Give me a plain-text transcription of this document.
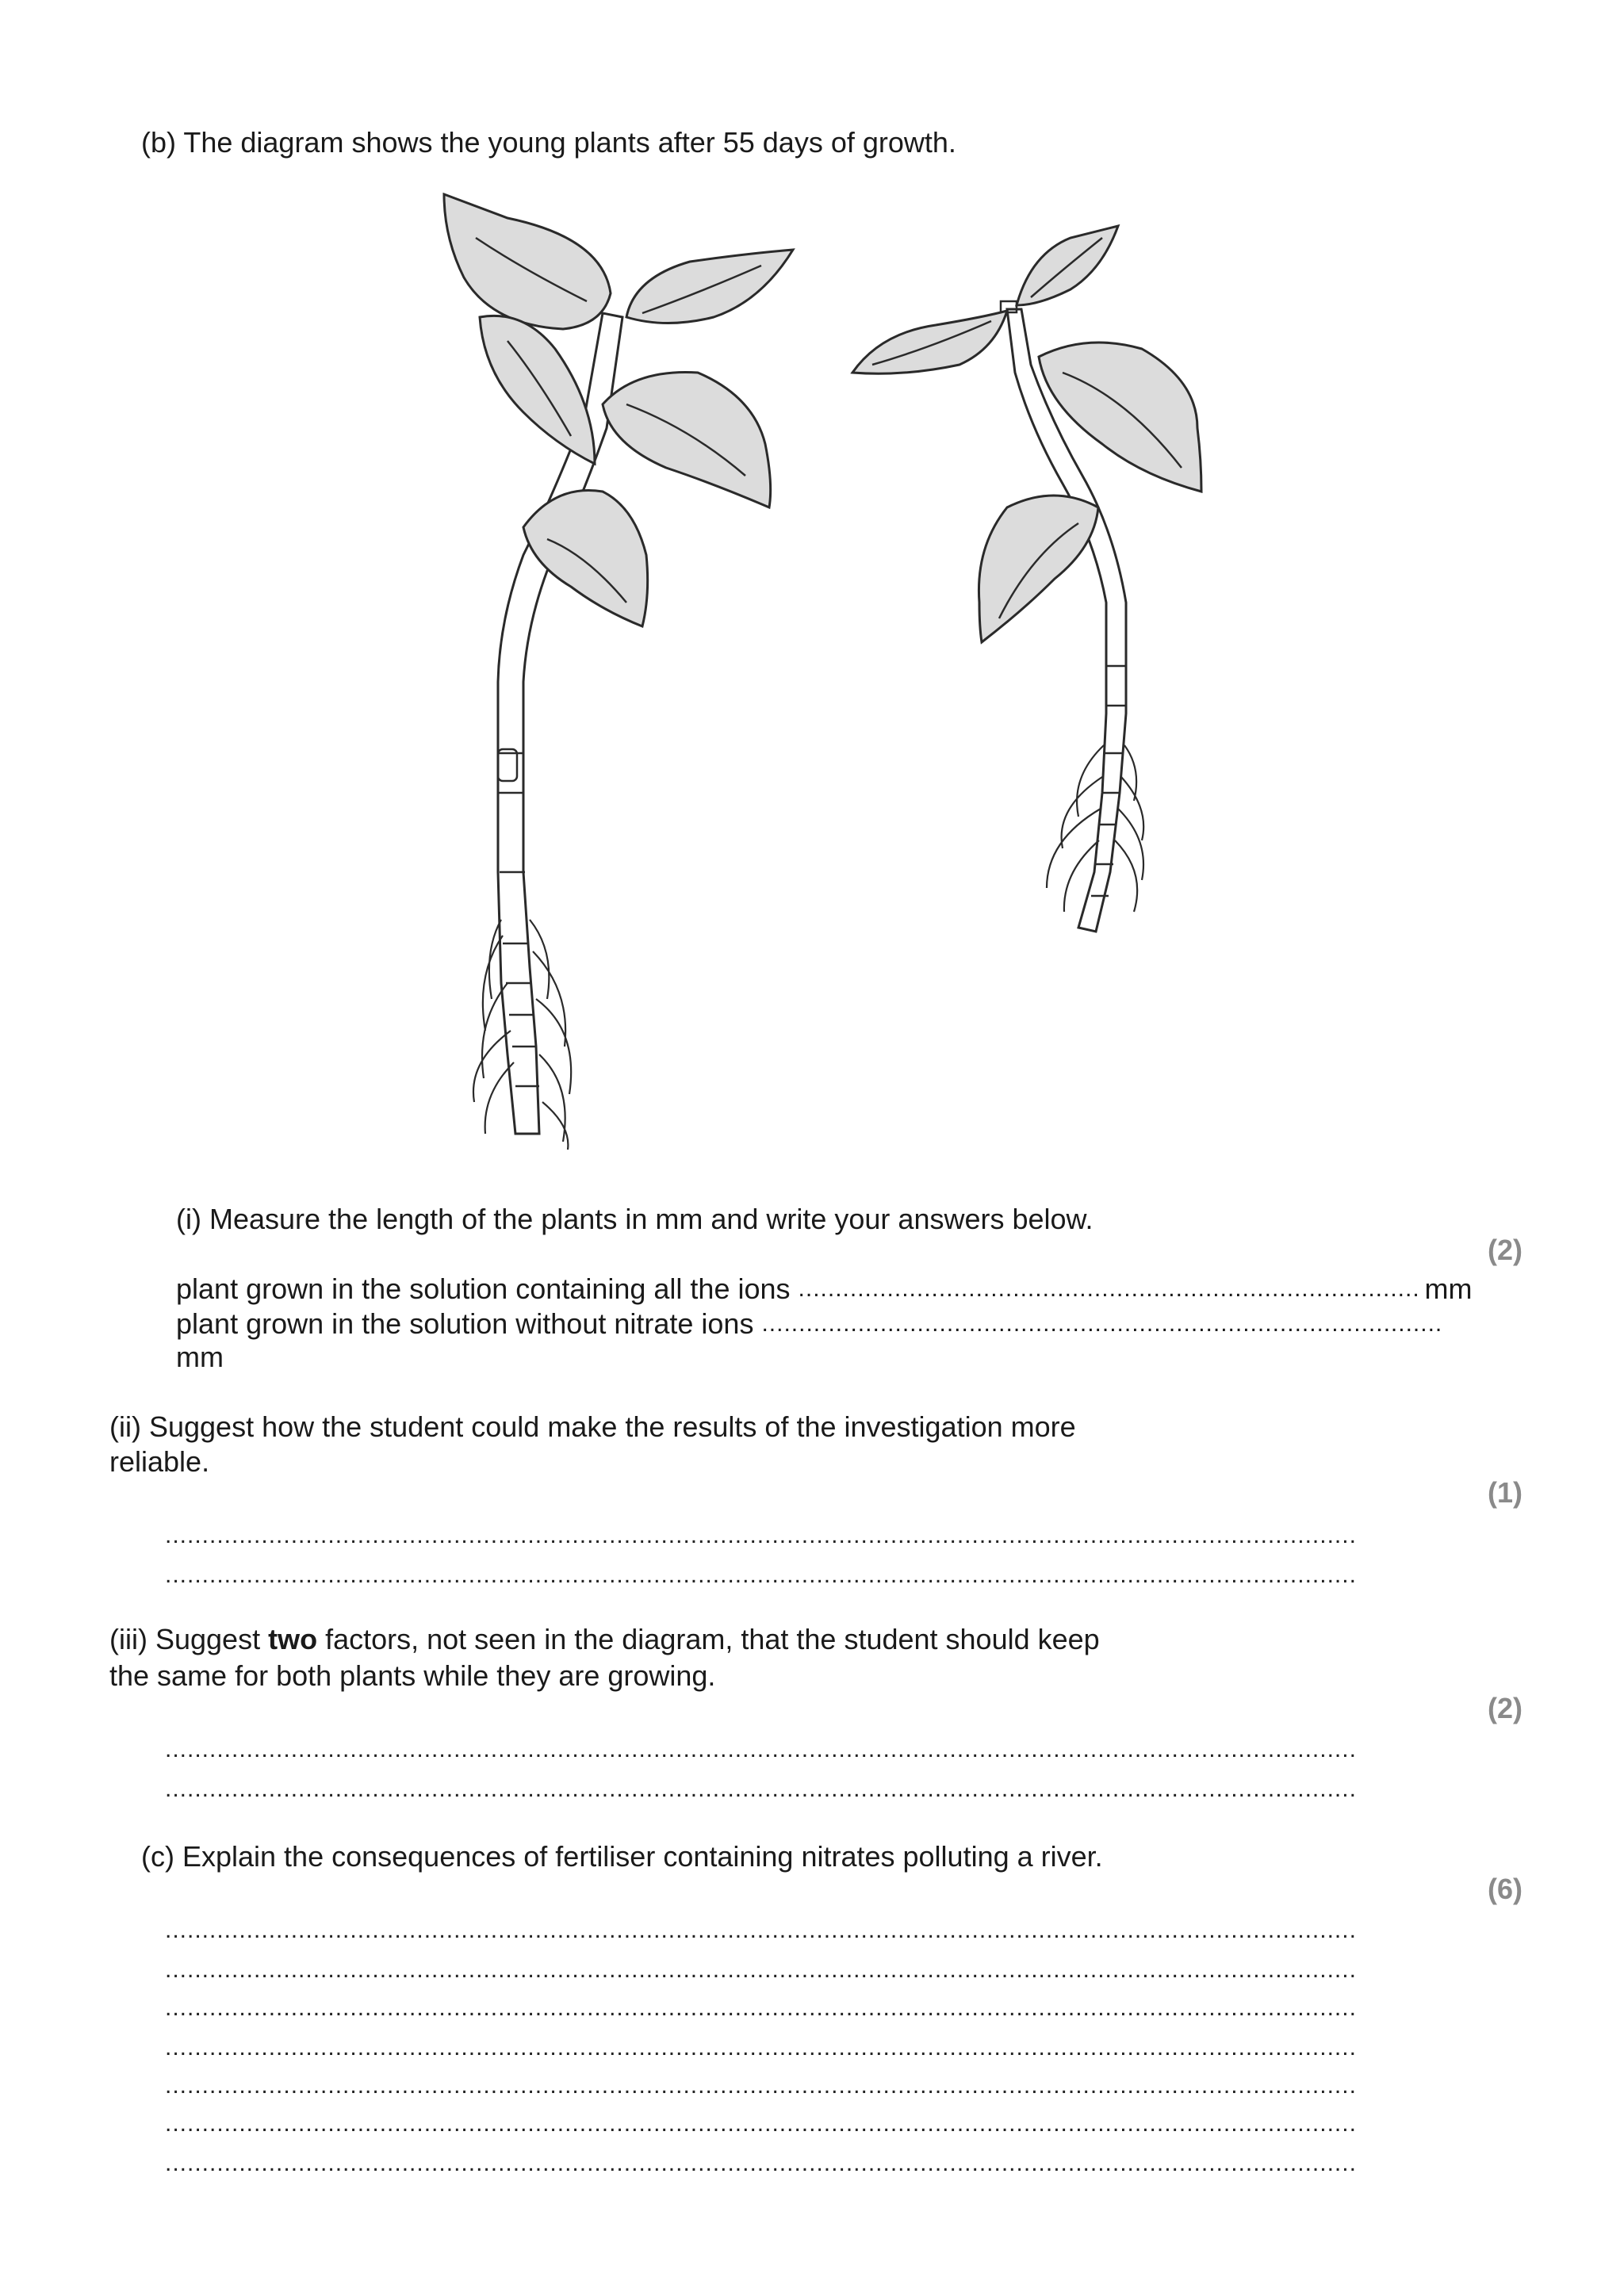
(b) The diagram shows the young plants after 55 days of growth.
(i) Measure the length of the plants in mm and write your answers below.
(2)
plant grown in the solution containing all the ions .....	mm
plant grown in the solution without nitrate ions .....
mm
(ii) Suggest how the student could make the results of the investigation more
reliable.
(1)
.....
.....
(iii) Suggest two factors, not seen in the diagram, that the student should keep
the same for both plants while they are growing.
(2)
.....
.....
(c) Explain the consequences of fertiliser containing nitrates polluting a river.
(6)
.....
.....
.....
.....
.....
.....
.....
